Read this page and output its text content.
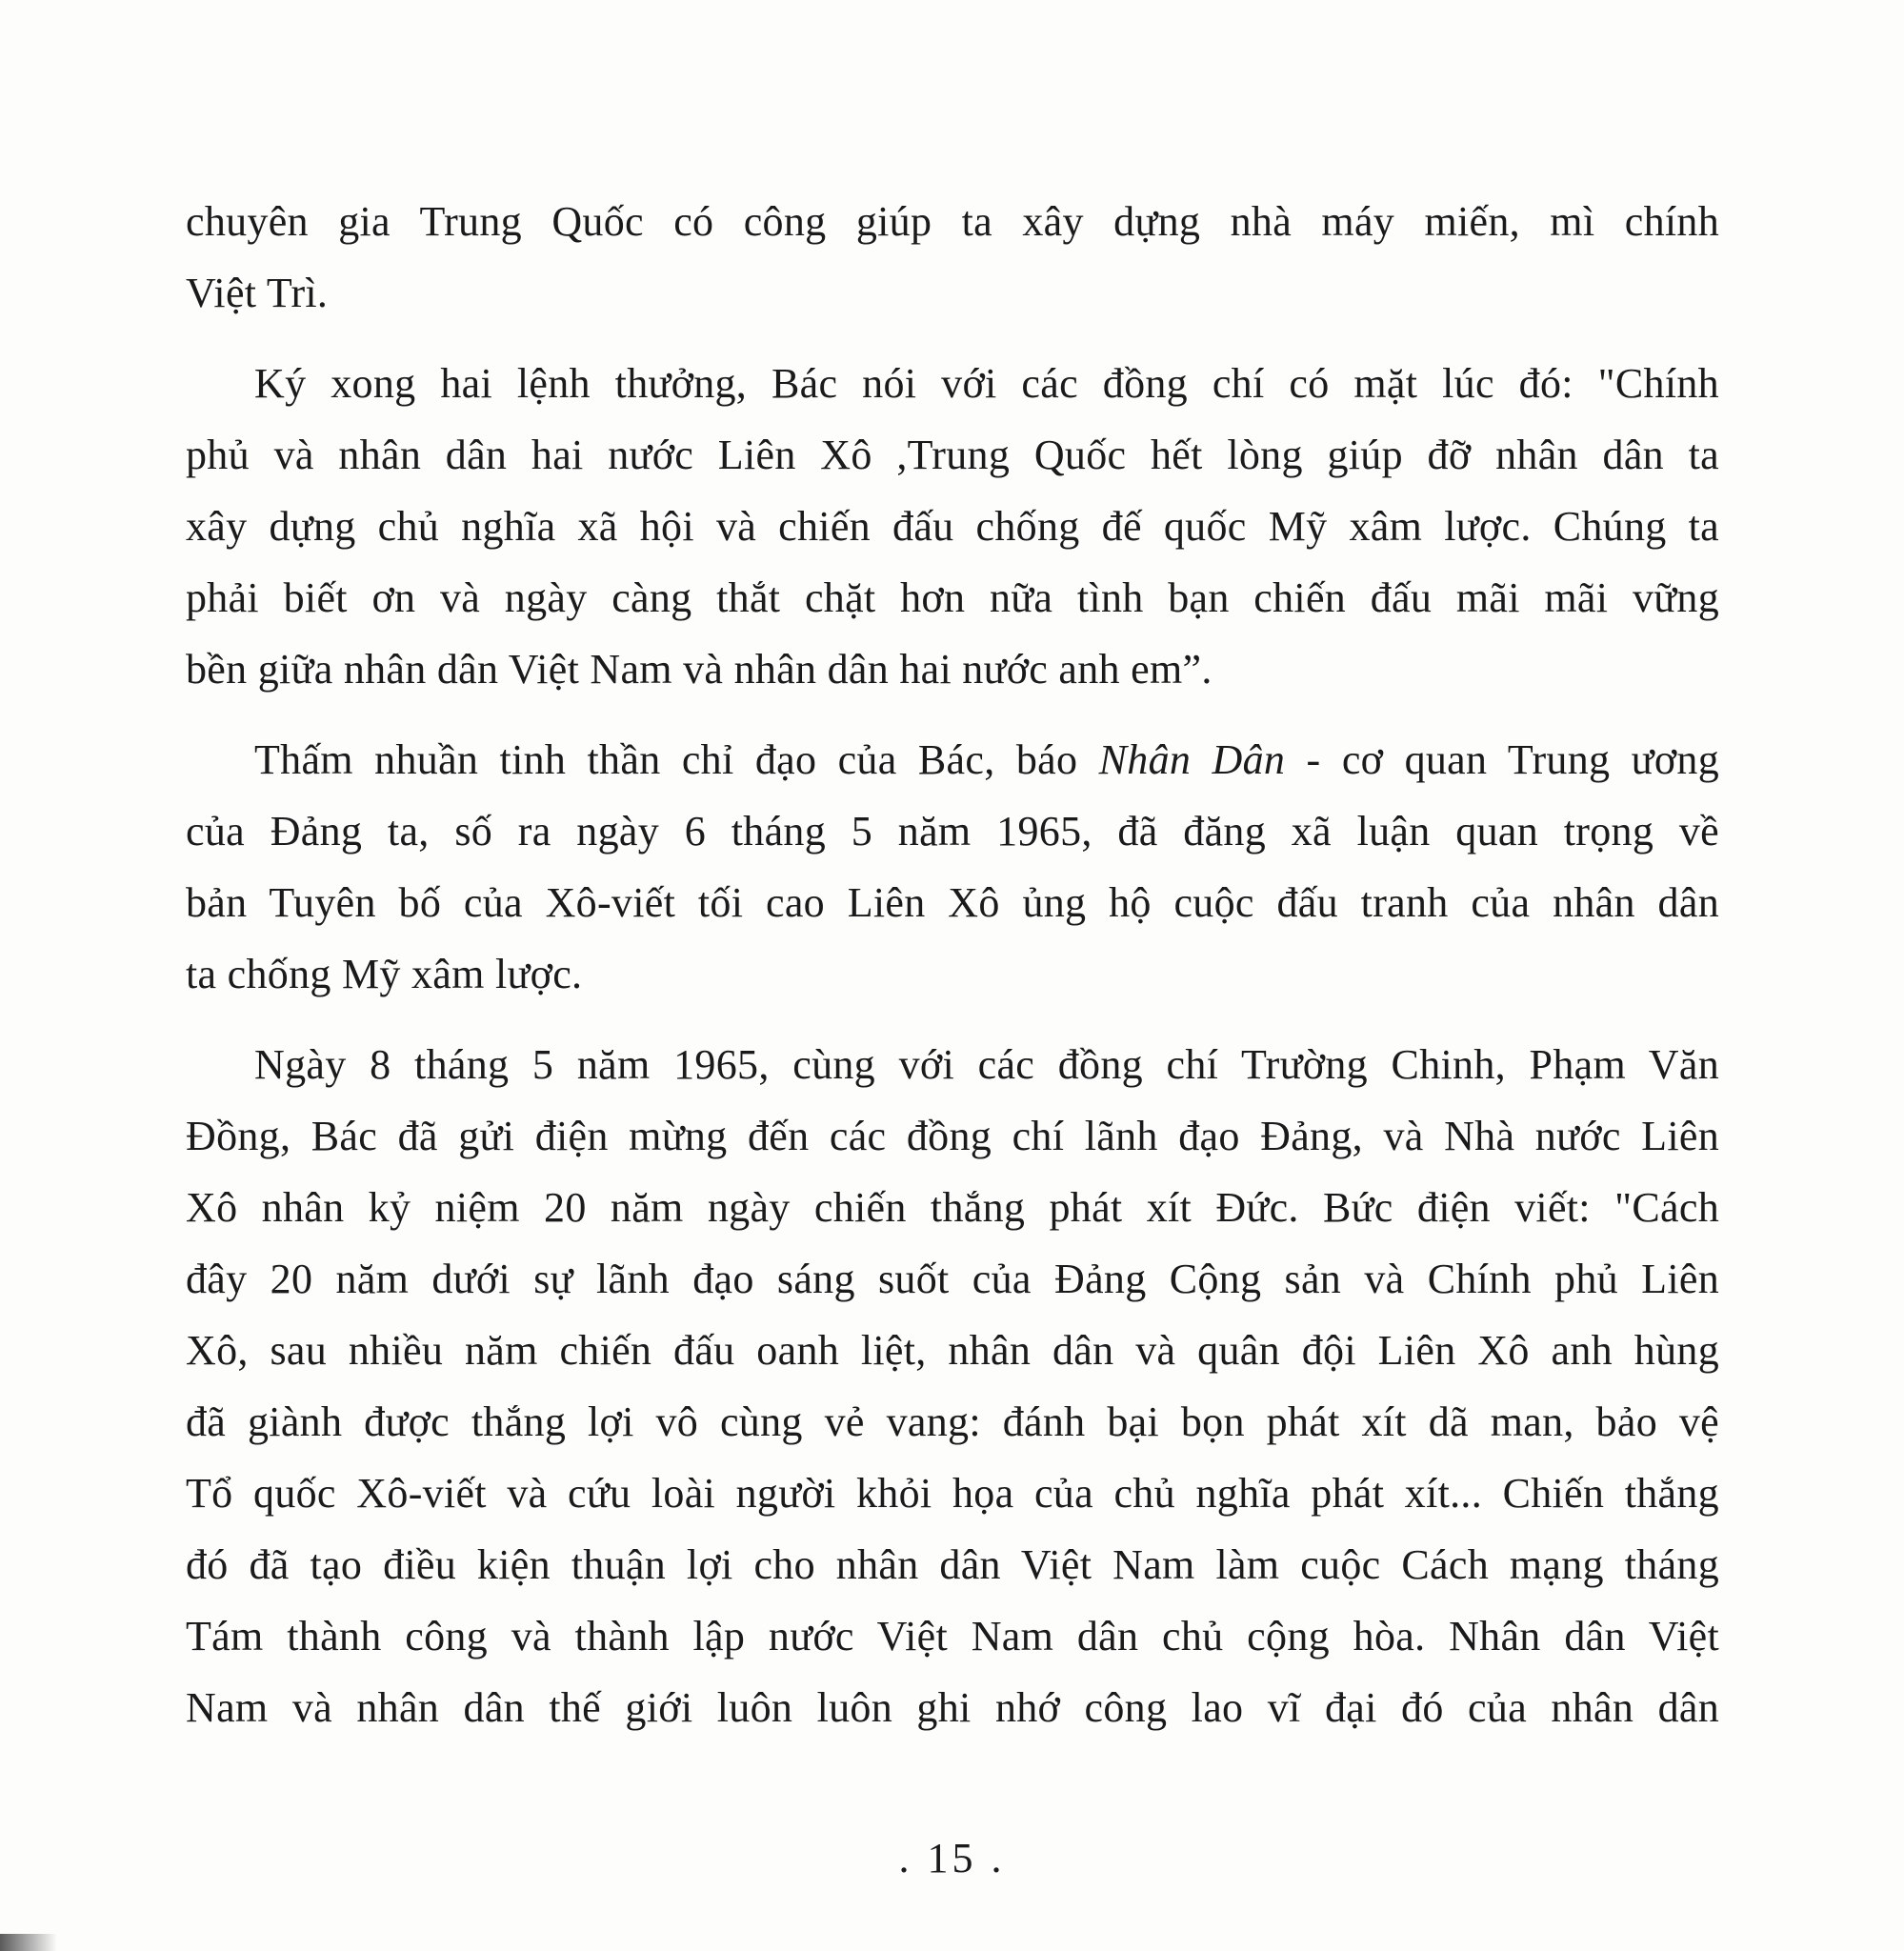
chuyên gia Trung Quốc có công giúp ta xây dựng nhà máy miến, mì chính
Việt Trì.

Ký xong hai lệnh thưởng, Bác nói với các đồng chí có mặt lúc đó: "Chính
phủ và nhân dân hai nước Liên Xô ,Trung Quốc hết lòng giúp đỡ nhân dân ta
xây dựng chủ nghĩa xã hội và chiến đấu chống đế quốc Mỹ xâm lược. Chúng ta
phải biết ơn và ngày càng thắt chặt hơn nữa tình bạn chiến đấu mãi mãi vững
bền giữa nhân dân Việt Nam và nhân dân hai nước anh em”.

Thấm nhuần tinh thần chỉ đạo của Bác, báo Nhân Dân - cơ quan Trung ương
của Đảng ta, số ra ngày 6 tháng 5 năm 1965, đã đăng xã luận quan trọng về
bản Tuyên bố của Xô-viết tối cao Liên Xô ủng hộ cuộc đấu tranh của nhân dân
ta chống Mỹ xâm lược.

Ngày 8 tháng 5 năm 1965, cùng với các đồng chí Trường Chinh, Phạm Văn
Đồng, Bác đã gửi điện mừng đến các đồng chí lãnh đạo Đảng, và Nhà nước Liên
Xô nhân kỷ niệm 20 năm ngày chiến thắng phát xít Đức. Bức điện viết: "Cách
đây 20 năm dưới sự lãnh đạo sáng suốt của Đảng Cộng sản và Chính phủ Liên
Xô, sau nhiều năm chiến đấu oanh liệt, nhân dân và quân đội Liên Xô anh hùng
đã giành được thắng lợi vô cùng vẻ vang: đánh bại bọn phát xít dã man, bảo vệ
Tổ quốc Xô-viết và cứu loài người khỏi họa của chủ nghĩa phát xít... Chiến thắng
đó đã tạo điều kiện thuận lợi cho nhân dân Việt Nam làm cuộc Cách mạng tháng
Tám thành công và thành lập nước Việt Nam dân chủ cộng hòa. Nhân dân Việt
Nam và nhân dân thế giới luôn luôn ghi nhớ công lao vĩ đại đó của nhân dân

. 15 .
